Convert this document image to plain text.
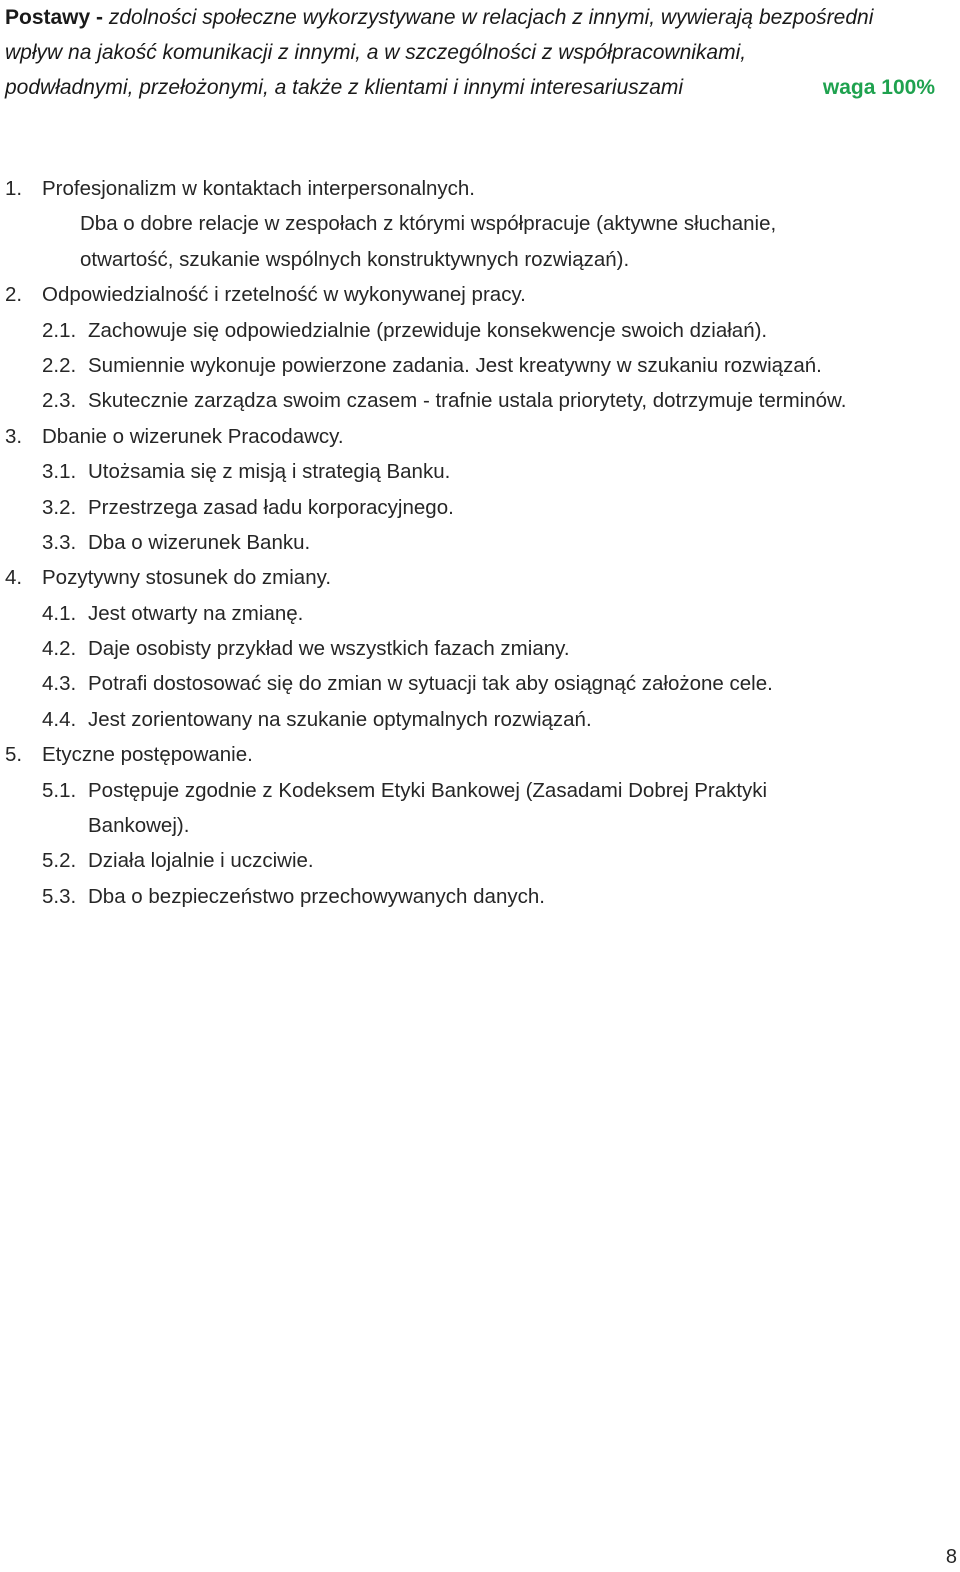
Postawy - zdolności społeczne wykorzystywane w relacjach z innymi, wywierają bezpośredni
wpływ na jakość komunikacji z innymi, a w szczególności z współpracownikami,
podwładnymi, przełożonymi, a także z klientami i innymi interesariuszami	waga 100%
1. Profesjonalizm w kontaktach interpersonalnych.
Dba o dobre relacje w zespołach z którymi współpracuje (aktywne słuchanie,
otwartość, szukanie wspólnych konstruktywnych rozwiązań).
2. Odpowiedzialność i rzetelność w wykonywanej pracy.
2.1. Zachowuje się odpowiedzialnie (przewiduje konsekwencje swoich działań).
2.2. Sumiennie wykonuje powierzone zadania. Jest kreatywny w szukaniu rozwiązań.
2.3. Skutecznie zarządza swoim czasem - trafnie ustala priorytety, dotrzymuje terminów.
3. Dbanie o wizerunek Pracodawcy.
3.1. Utożsamia się z misją i strategią Banku.
3.2. Przestrzega zasad ładu korporacyjnego.
3.3. Dba o wizerunek Banku.
4. Pozytywny stosunek do zmiany.
4.1. Jest otwarty na zmianę.
4.2. Daje osobisty przykład we wszystkich fazach zmiany.
4.3. Potrafi dostosować się do zmian w sytuacji tak aby osiągnąć założone cele.
4.4. Jest zorientowany na szukanie optymalnych rozwiązań.
5. Etyczne postępowanie.
5.1. Postępuje zgodnie z Kodeksem Etyki Bankowej (Zasadami Dobrej Praktyki
Bankowej).
5.2. Działa lojalnie i uczciwie.
5.3. Dba o bezpieczeństwo przechowywanych danych.
8
